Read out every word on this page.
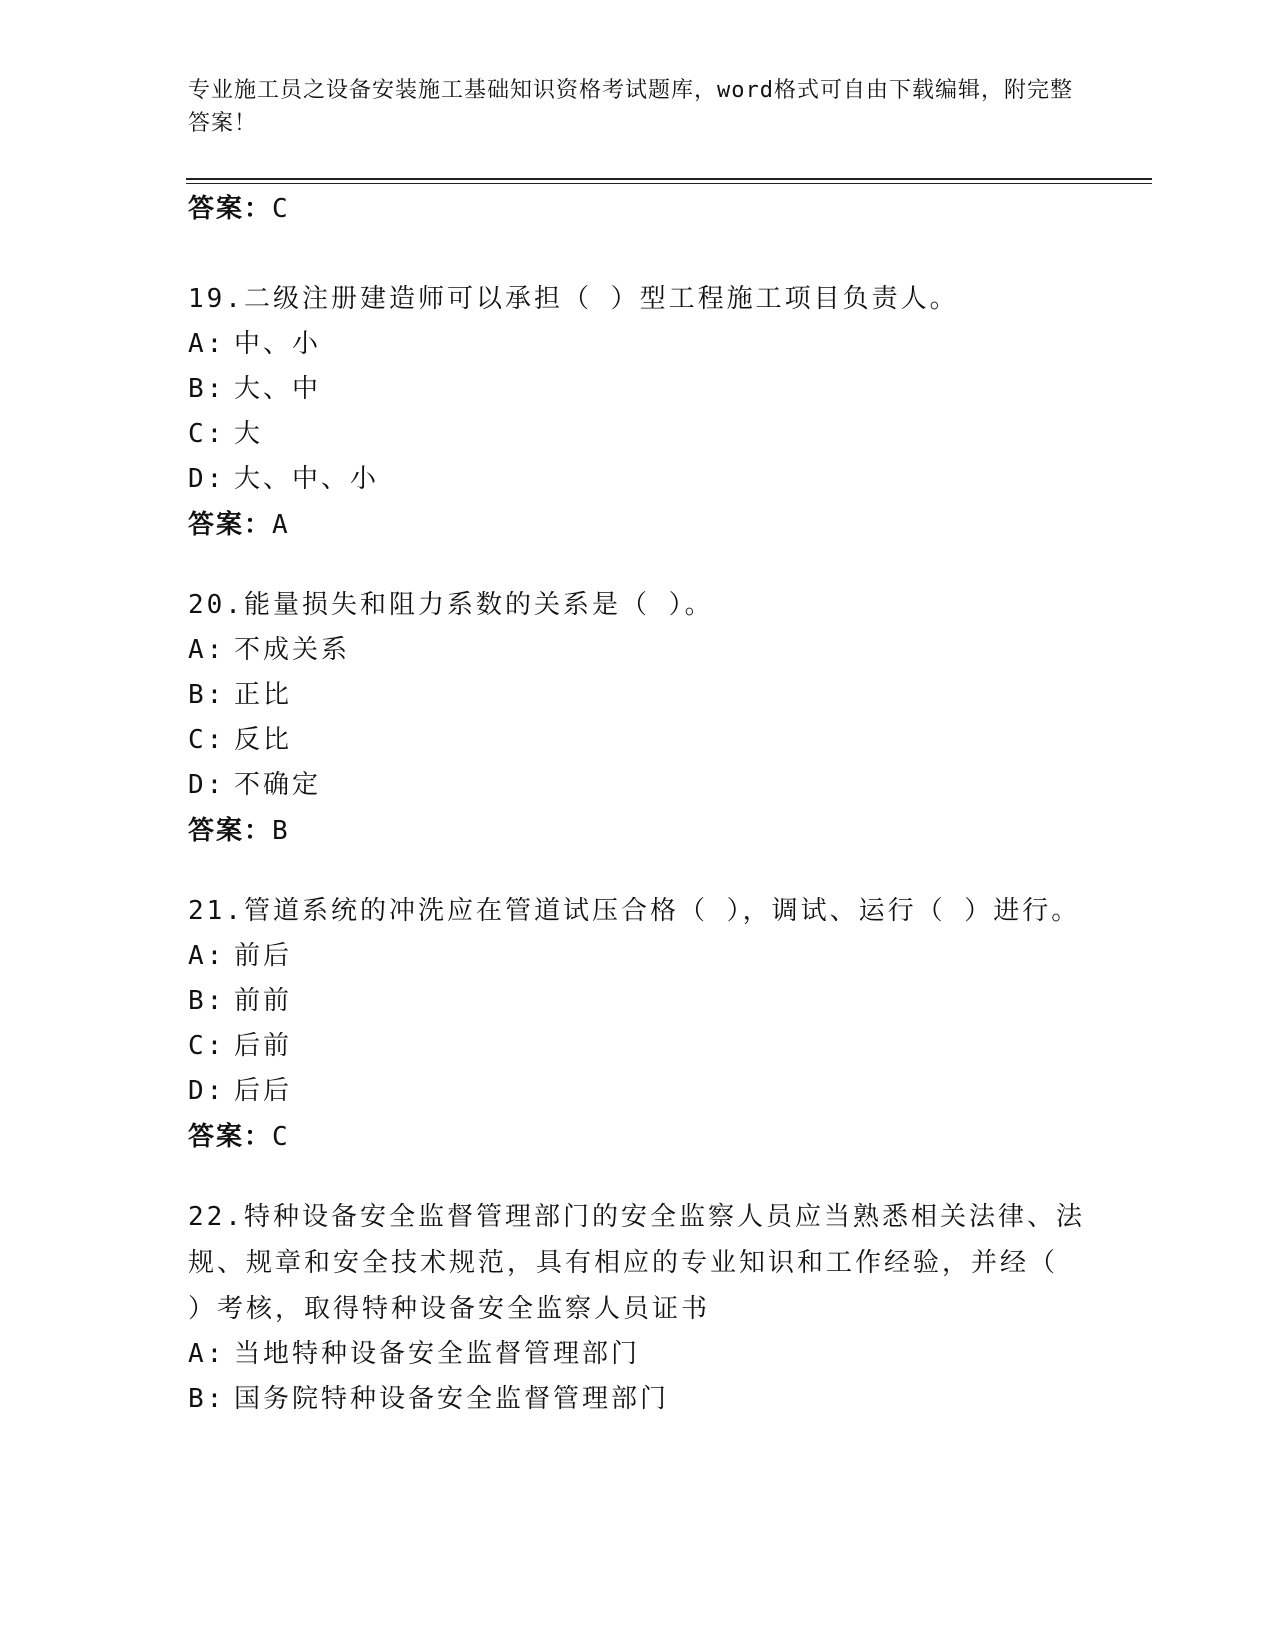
专业施工员之设备安装施工基础知识资格考试题库，word格式可自由下载编辑，附完整答案！
答案：C
19.二级注册建造师可以承担（ ）型工程施工项目负责人。
A: 中、小
B: 大、中
C: 大
D: 大、中、小
答案：A
20.能量损失和阻力系数的关系是（ ）。
A: 不成关系
B: 正比
C: 反比
D: 不确定
答案：B
21.管道系统的冲洗应在管道试压合格（ ），调试、运行（ ）进行。
A: 前后
B: 前前
C: 后前
D: 后后
答案：C
22.特种设备安全监督管理部门的安全监察人员应当熟悉相关法律、法规、规章和安全技术规范，具有相应的专业知识和工作经验，并经（ ）考核，取得特种设备安全监察人员证书
A: 当地特种设备安全监督管理部门
B: 国务院特种设备安全监督管理部门
